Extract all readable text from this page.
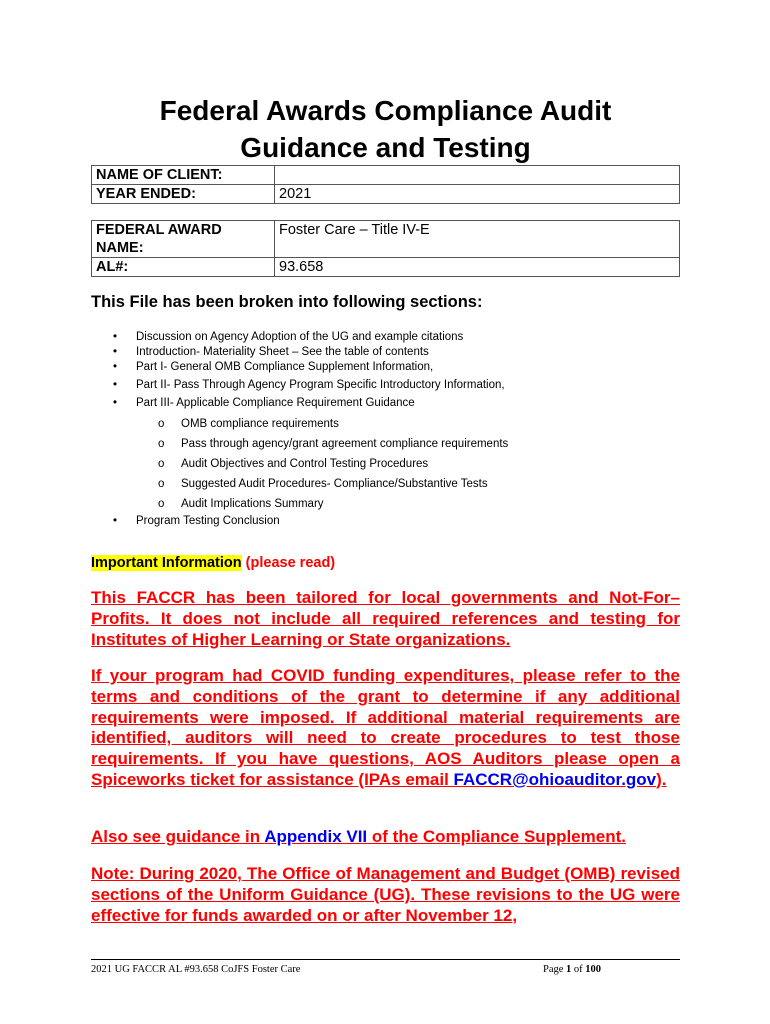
Federal Awards Compliance Audit
Guidance and Testing
NAME OF CLIENT:	
YEAR ENDED:	2021
FEDERAL AWARD NAME:	Foster Care – Title IV-E
AL#:	93.658
This File has been broken into following sections:
• Discussion on Agency Adoption of the UG and example citations
• Introduction- Materiality Sheet – See the table of contents
• Part I- General OMB Compliance Supplement Information,
• Part II- Pass Through Agency Program Specific Introductory Information,
• Part III- Applicable Compliance Requirement Guidance
o OMB compliance requirements
o Pass through agency/grant agreement compliance requirements
o Audit Objectives and Control Testing Procedures
o Suggested Audit Procedures- Compliance/Substantive Tests
o Audit Implications Summary
• Program Testing Conclusion
Important Information (please read)
This FACCR has been tailored for local governments and Not-For–Profits. It does not include all required references and testing for Institutes of Higher Learning or State organizations.
If your program had COVID funding expenditures, please refer to the terms and conditions of the grant to determine if any additional requirements were imposed. If additional material requirements are identified, auditors will need to create procedures to test those requirements. If you have questions, AOS Auditors please open a Spiceworks ticket for assistance (IPAs email FACCR@ohioauditor.gov).
Also see guidance in Appendix VII of the Compliance Supplement.
Note: During 2020, The Office of Management and Budget (OMB) revised sections of the Uniform Guidance (UG). These revisions to the UG were effective for funds awarded on or after November 12,
2021 UG FACCR AL #93.658 CoJFS Foster Care	Page 1 of 100
